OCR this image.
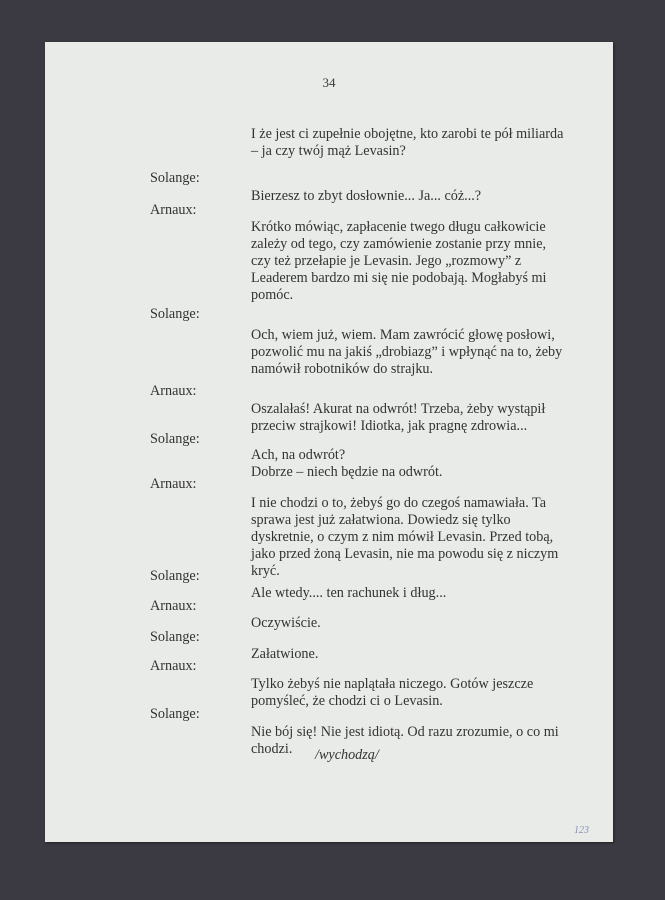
34
I że jest ci zupełnie obojętne, kto zarobi te pół miliarda
– ja czy twój mąż Levasin?
Solange:
Bierzesz to zbyt dosłownie... Ja... cóż...?
Arnaux:
Krótko mówiąc, zapłacenie twego długu całkowicie
zależy od tego, czy zamówienie zostanie przy mnie,
czy też przełapie je Levasin. Jego „rozmowy” z
Leaderem bardzo mi się nie podobają. Mogłabyś mi
pomóc.
Solange:
Och, wiem już, wiem. Mam zawrócić głowę posłowi,
pozwolić mu na jakiś „drobiazg” i wpłynąć na to, żeby
namówił robotników do strajku.
Arnaux:
Oszalałaś! Akurat na odwrót! Trzeba, żeby wystąpił
przeciw strajkowi! Idiotka, jak pragnę zdrowia...
Solange:
Ach, na odwrót?
Dobrze – niech będzie na odwrót.
Arnaux:
I nie chodzi o to, żebyś go do czegoś namawiała. Ta
sprawa jest już załatwiona. Dowiedz się tylko
dyskretnie, o czym z nim mówił Levasin. Przed tobą,
jako przed żoną Levasin, nie ma powodu się z niczym
kryć.
Solange:
Ale wtedy.... ten rachunek i dług...
Arnaux:
Oczywiście.
Solange:
Załatwione.
Arnaux:
Tylko żebyś nie naplątała niczego. Gotów jeszcze
pomyśleć, że chodzi ci o Levasin.
Solange:
Nie bój się! Nie jest idiotą. Od razu zrozumie, o co mi
chodzi. /wychodzą/
123
